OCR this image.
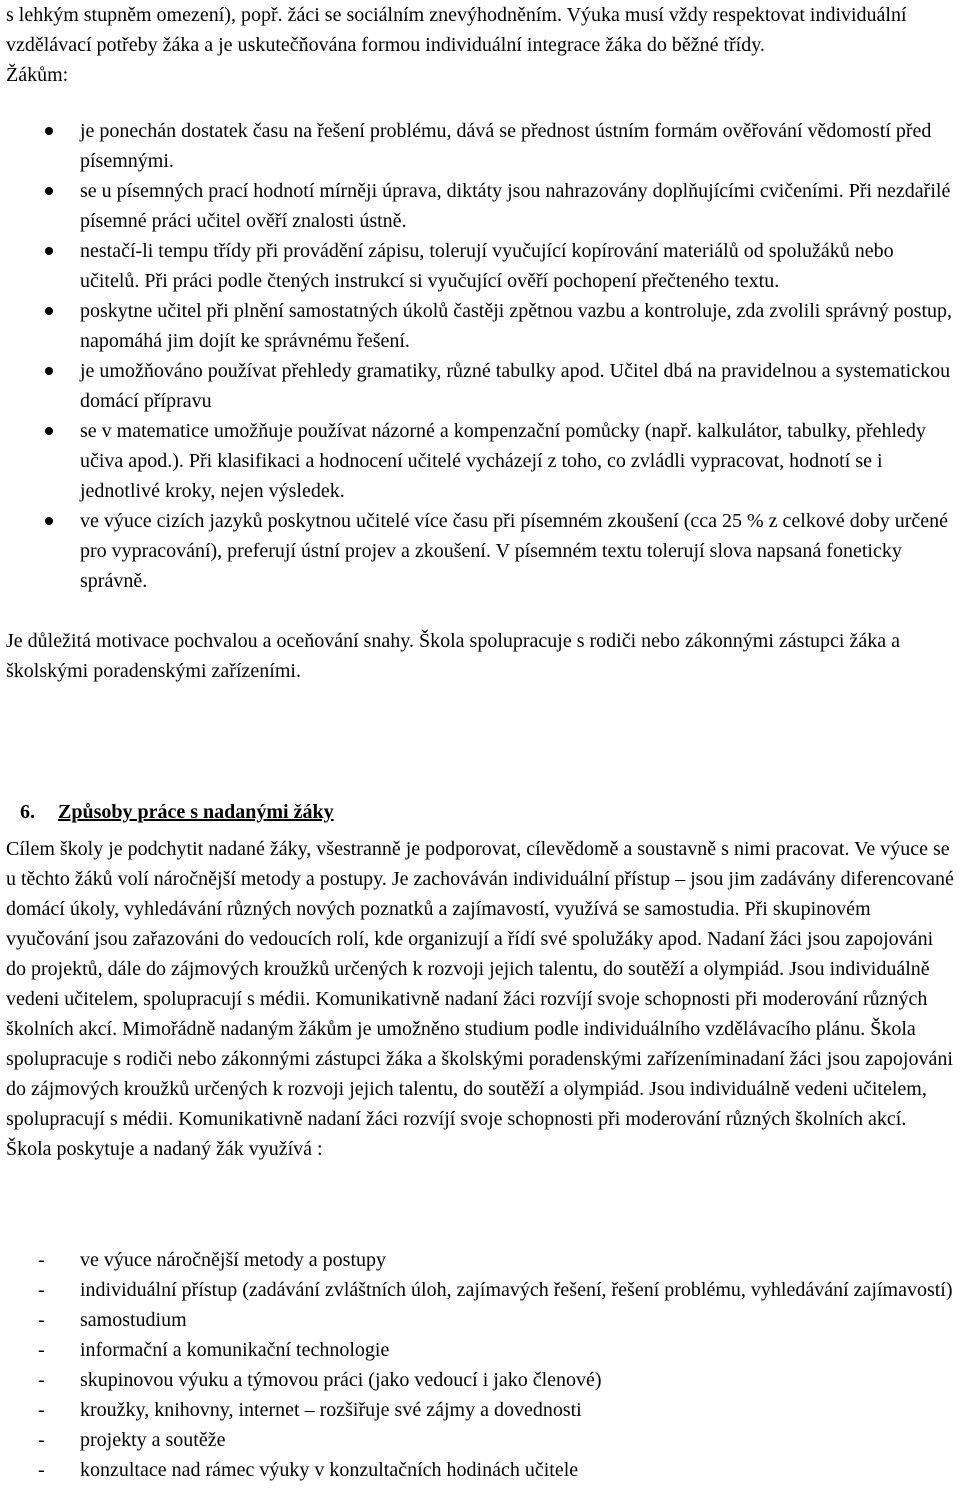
s lehkým stupněm omezení), popř. žáci se sociálním znevýhodněním. Výuka musí vždy respektovat individuální vzdělávací potřeby žáka a je uskutečňována formou individuální integrace žáka do běžné třídy.
Žákům:

je ponechán dostatek času na řešení problému, dává se přednost ústním formám ověřování vědomostí před písemnými.
se u písemných prací hodnotí mírněji úprava, diktáty jsou nahrazovány doplňujícími cvičeními. Při nezdařilé písemné práci učitel ověří znalosti ústně.
nestačí-li tempu třídy při provádění zápisu, tolerují vyučující kopírování materiálů od spolužáků nebo učitelů. Při práci podle čtených instrukcí si vyučující ověří pochopení přečteného textu.
poskytne učitel při plnění samostatných úkolů častěji zpětnou vazbu a kontroluje, zda zvolili správný postup, napomáhá jim dojít ke správnému řešení.
je umožňováno používat přehledy gramatiky, různé tabulky apod. Učitel dbá na pravidelnou a systematickou domácí přípravu
se v matematice umožňuje používat názorné a kompenzační pomůcky (např. kalkulátor, tabulky, přehledy učiva apod.). Při klasifikaci a hodnocení učitelé vycházejí z toho, co zvládli vypracovat, hodnotí se i jednotlivé kroky, nejen výsledek.
ve výuce cizích jazyků poskytnou učitelé více času při písemném zkoušení (cca 25 % z celkové doby určené pro vypracování), preferují ústní projev a zkoušení. V písemném textu tolerují slova napsaná foneticky správně.

Je důležitá motivace pochvalou a oceňování snahy. Škola spolupracuje s rodiči nebo zákonnými zástupci žáka a školskými poradenskými zařízeními.

6. Způsoby práce s nadanými žáky

Cílem školy je podchytit nadané žáky, všestranně je podporovat, cílevědomě a soustavně s nimi pracovat. Ve výuce se u těchto žáků volí náročnější metody a postupy. Je zachováván individuální přístup – jsou jim zadávány diferencované domácí úkoly, vyhledávání různých nových poznatků a zajímavostí, využívá se samostudia. Při skupinovém vyučování jsou zařazováni do vedoucích rolí, kde organizují a řídí své spolužáky apod. Nadaní žáci jsou zapojováni do projektů, dále do zájmových kroužků určených k rozvoji jejich talentu, do soutěží a olympiád. Jsou individuálně vedeni učitelem, spolupracují s médii. Komunikativně nadaní žáci rozvíjí svoje schopnosti při moderování různých školních akcí. Mimořádně nadaným žákům je umožněno studium podle individuálního vzdělávacího plánu. Škola spolupracuje s rodiči nebo zákonnými zástupci žáka a školskými poradenskými zařízeníminadaní žáci jsou zapojováni do zájmových kroužků určených k rozvoji jejich talentu, do soutěží a olympiád. Jsou individuálně vedeni učitelem, spolupracují s médii. Komunikativně nadaní žáci rozvíjí svoje schopnosti při moderování různých školních akcí. Škola poskytuje a nadaný žák využívá :

- ve výuce náročnější metody a postupy
- individuální přístup (zadávání zvláštních úloh, zajímavých řešení, řešení problému, vyhledávání zajímavostí)
- samostudium
- informační a komunikační technologie
- skupinovou výuku a týmovou práci (jako vedoucí i jako členové)
- kroužky, knihovny, internet – rozšiřuje své zájmy a dovednosti
- projekty a soutěže
- konzultace nad rámec výuky v konzultačních hodinách učitele
